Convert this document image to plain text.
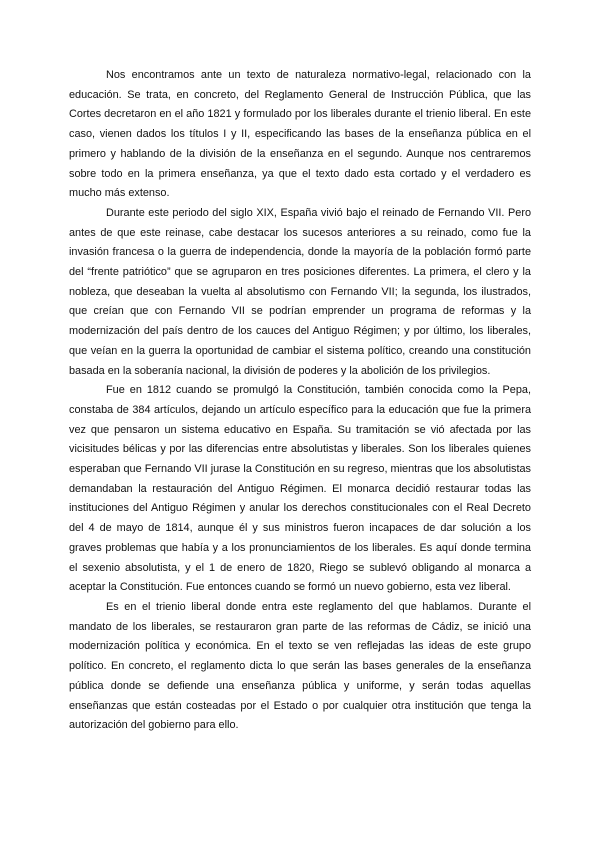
Nos encontramos ante un texto de naturaleza normativo-legal, relacionado con la educación. Se trata, en concreto, del Reglamento General de Instrucción Pública, que las Cortes decretaron en el año 1821 y formulado por los liberales durante el trienio liberal. En este caso, vienen dados los títulos I y II, especificando las bases de la enseñanza pública en el primero y hablando de la división de la enseñanza en el segundo. Aunque nos centraremos sobre todo en la primera enseñanza, ya que el texto dado esta cortado y el verdadero es mucho más extenso.

Durante este periodo del siglo XIX, España vivió bajo el reinado de Fernando VII. Pero antes de que este reinase, cabe destacar los sucesos anteriores a su reinado, como fue la invasión francesa o la guerra de independencia, donde la mayoría de la población formó parte del “frente patriótico” que se agruparon en tres posiciones diferentes. La primera, el clero y la nobleza, que deseaban la vuelta al absolutismo con Fernando VII; la segunda, los ilustrados, que creían que con Fernando VII se podrían emprender un programa de reformas y la modernización del país dentro de los cauces del Antiguo Régimen; y por último, los liberales, que veían en la guerra la oportunidad de cambiar el sistema político, creando una constitución basada en la soberanía nacional, la división de poderes y la abolición de los privilegios.

Fue en 1812 cuando se promulgó la Constitución, también conocida como la Pepa, constaba de 384 artículos, dejando un artículo específico para la educación que fue la primera vez que pensaron un sistema educativo en España. Su tramitación se vió afectada por las vicisitudes bélicas y por las diferencias entre absolutistas y liberales. Son los liberales quienes esperaban que Fernando VII jurase la Constitución en su regreso, mientras que los absolutistas demandaban la restauración del Antiguo Régimen. El monarca decidió restaurar todas las instituciones del Antiguo Régimen y anular los derechos constitucionales con el Real Decreto del 4 de mayo de 1814, aunque él y sus ministros fueron incapaces de dar solución a los graves problemas que había y a los pronunciamientos de los liberales. Es aquí donde termina el sexenio absolutista, y el 1 de enero de 1820, Riego se sublevó obligando al monarca a aceptar la Constitución. Fue entonces cuando se formó un nuevo gobierno, esta vez liberal.

Es en el trienio liberal donde entra este reglamento del que hablamos. Durante el mandato de los liberales, se restauraron gran parte de las reformas de Cádiz, se inició una modernización política y económica. En el texto se ven reflejadas las ideas de este grupo político. En concreto, el reglamento dicta lo que serán las bases generales de la enseñanza pública donde se defiende una enseñanza pública y uniforme, y serán todas aquellas enseñanzas que están costeadas por el Estado o por cualquier otra institución que tenga la autorización del gobierno para ello.
